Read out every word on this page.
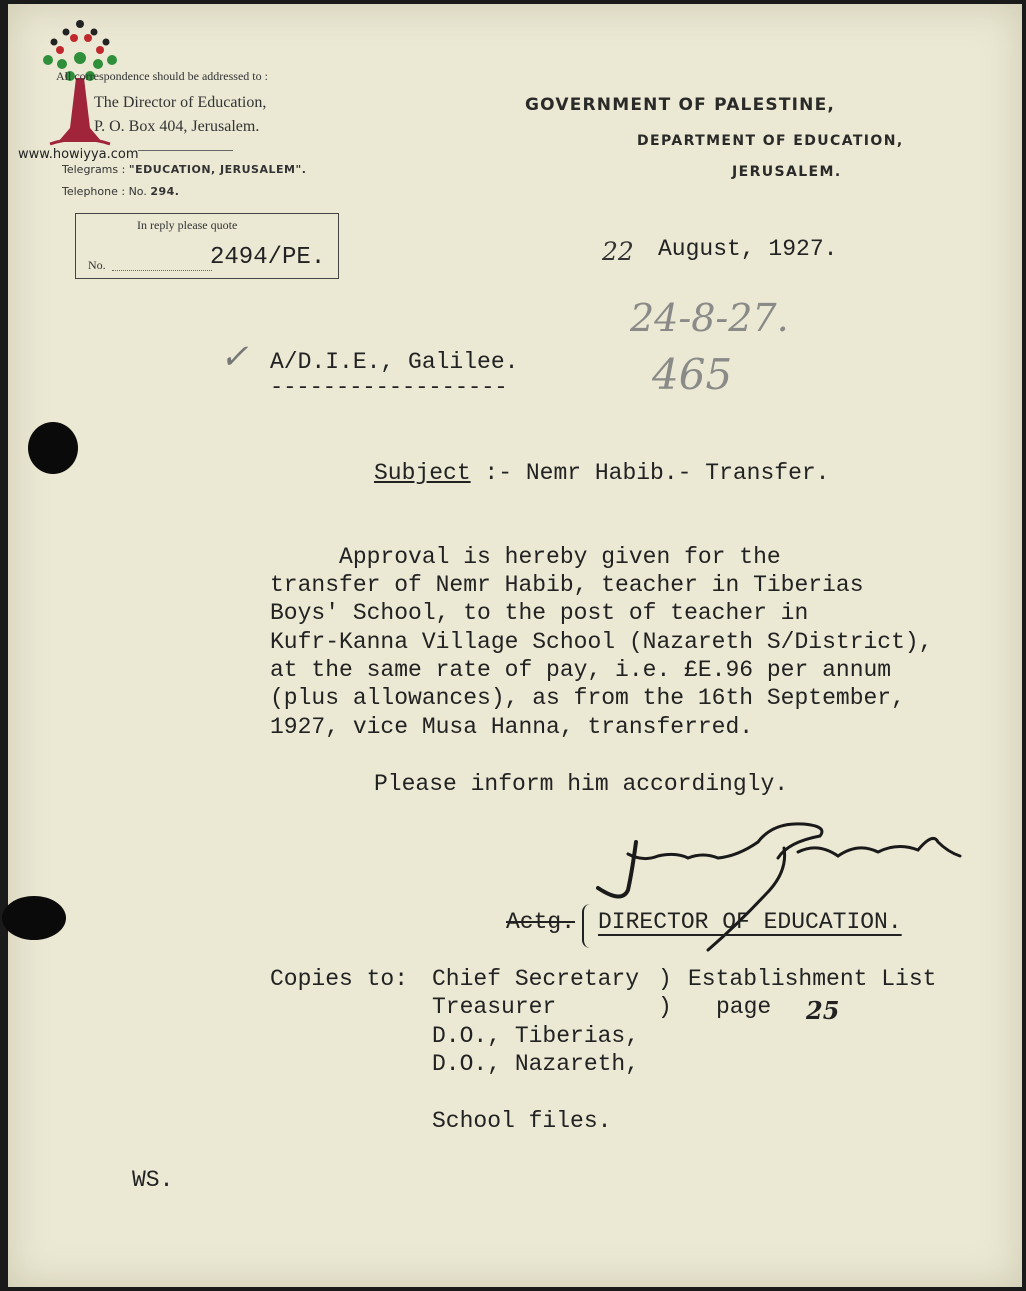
www.howiyya.com
All correspondence should be addressed to :
The Director of Education,
P. O. Box 404, Jerusalem.
Telegrams : "EDUCATION, JERUSALEM".
Telephone : No. 294.
GOVERNMENT OF PALESTINE,
DEPARTMENT OF EDUCATION,
JERUSALEM.
In reply please quote
No.	2494/PE.	22 August, 1927.
24-8-27.
465
✓ A/D.I.E., Galilee.
------------------
Subject :- Nemr Habib.- Transfer.
Approval is hereby given for the
transfer of Nemr Habib, teacher in Tiberias
Boys' School, to the post of teacher in
Kufr-Kanna Village School (Nazareth S/District),
at the same rate of pay, i.e. £E.96 per annum
(plus allowances), as from the 16th September,
1927, vice Musa Hanna, transferred.
Please inform him accordingly.
Actg. DIRECTOR OF EDUCATION.
Copies to: Chief Secretary
Treasurer
D.O., Tiberias,
D.O., Nazareth,
)
)
Establishment List
page 25
School files.
WS.
